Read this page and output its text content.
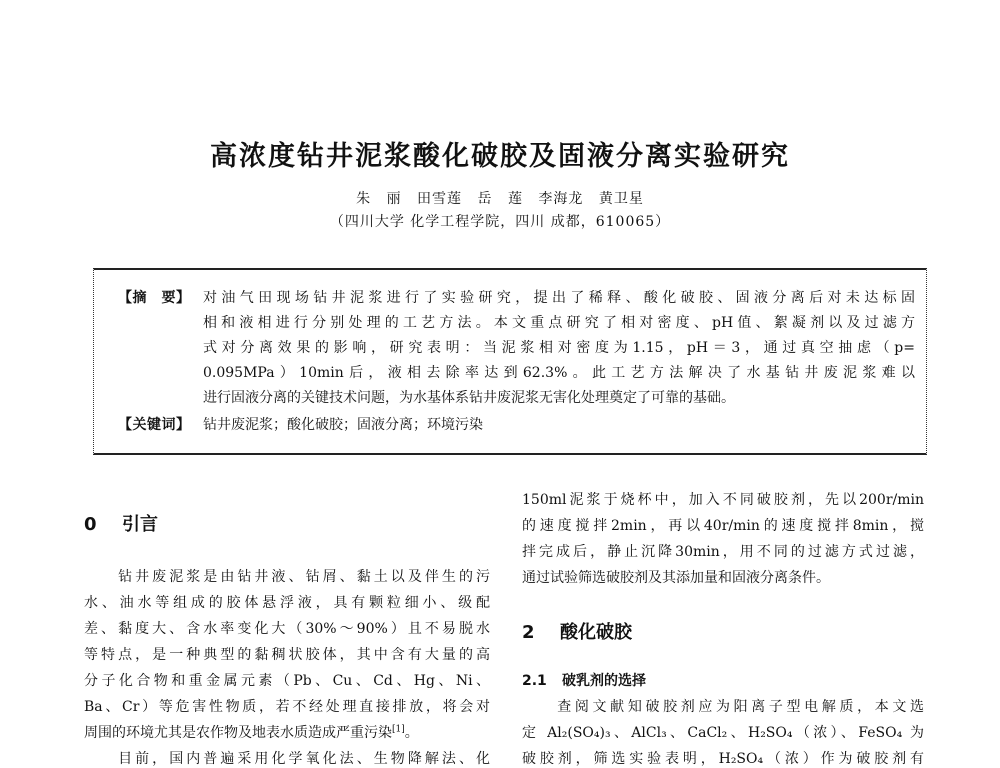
高浓度钻井泥浆酸化破胶及固液分离实验研究
朱 丽 田雪莲 岳 莲 李海龙 黄卫星
（四川大学 化学工程学院，四川 成都，610065）
【摘　要】 对油气田现场钻井泥浆进行了实验研究，提出了稀释、酸化破胶、固液分离后对未达标固
相和液相进行分别处理的工艺方法。本文重点研究了相对密度、pH值、絮凝剂以及过滤方
式对分离效果的影响，研究表明：当泥浆相对密度为1.15，pH＝3，通过真空抽虑（p=
0.095MPa）10min后，液相去除率达到62.3%。此工艺方法解决了水基钻井废泥浆难以
进行固液分离的关键技术问题，为水基体系钻井废泥浆无害化处理奠定了可靠的基础。
【关键词】 钻井废泥浆；酸化破胶；固液分离；环境污染
0 引言
　　钻井废泥浆是由钻井液、钻屑、黏土以及伴生的污
水、油水等组成的胶体悬浮液，具有颗粒细小、级配
差、黏度大、含水率变化大（30%～90%）且不易脱水
等特点，是一种典型的黏稠状胶体，其中含有大量的高
分子化合物和重金属元素（Pb、Cu、Cd、Hg、Ni、
Ba、Cr）等危害性物质，若不经处理直接排放，将会对
周围的环境尤其是农作物及地表水质造成严重污染[1]。
　　目前，国内普遍采用化学氧化法、生物降解法、化
150ml泥浆于烧杯中，加入不同破胶剂，先以200r/min
的速度搅拌2min，再以40r/min的速度搅拌8min，搅
拌完成后，静止沉降30min，用不同的过滤方式过滤，
通过试验筛选破胶剂及其添加量和固液分离条件。
2 酸化破胶
2.1 破乳剂的选择
　　查阅文献知破胶剂应为阳离子型电解质，本文选
定 Al₂(SO₄)₃、AlCl₃、CaCl₂、H₂SO₄（浓）、FeSO₄ 为
破胶剂，筛选实验表明，H₂SO₄（浓）作为破胶剂有
